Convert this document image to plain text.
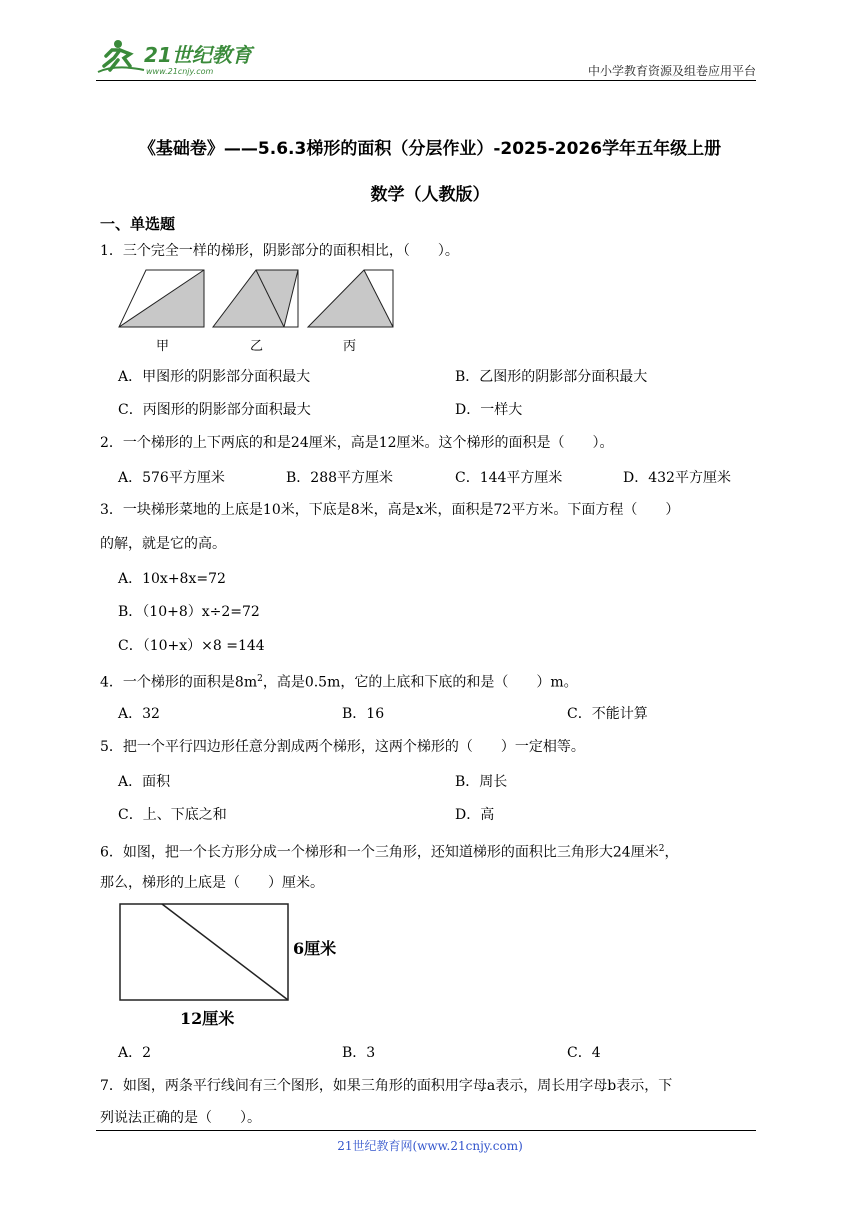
21世纪教育
www.21cnjy.com	中小学教育资源及组卷应用平台
《基础卷》——5.6.3梯形的面积（分层作业）-2025-2026学年五年级上册
数学（人教版）
一、单选题
1．三个完全一样的梯形，阴影部分的面积相比，（　　）。
甲	乙	丙
A．甲图形的阴影部分面积最大	B．乙图形的阴影部分面积最大
C．丙图形的阴影部分面积最大	D．一样大
2．一个梯形的上下两底的和是24厘米，高是12厘米。这个梯形的面积是（　　）。
A．576平方厘米	B．288平方厘米	C．144平方厘米	D．432平方厘米
3．一块梯形菜地的上底是10米，下底是8米，高是x米，面积是72平方米。下面方程（　　）
的解，就是它的高。
A．10x+8x=72
B．（10+8）x÷2=72
C．（10+x）×8 =144
4．一个梯形的面积是$8m^2$，高是0.5m，它的上底和下底的和是（　　）m。
A．32	B．16	C．不能计算
5．把一个平行四边形任意分割成两个梯形，这两个梯形的（　　）一定相等。
A．面积	B．周长
C．上、下底之和	D．高
6．如图，把一个长方形分成一个梯形和一个三角形，还知道梯形的面积比三角形大24厘米$^2$，
那么，梯形的上底是（　　）厘米。
6厘米
12厘米
A．2	B．3	C．4
7．如图，两条平行线间有三个图形，如果三角形的面积用字母a表示，周长用字母b表示，下
列说法正确的是（　　）。
21世纪教育网(www.21cnjy.com)
